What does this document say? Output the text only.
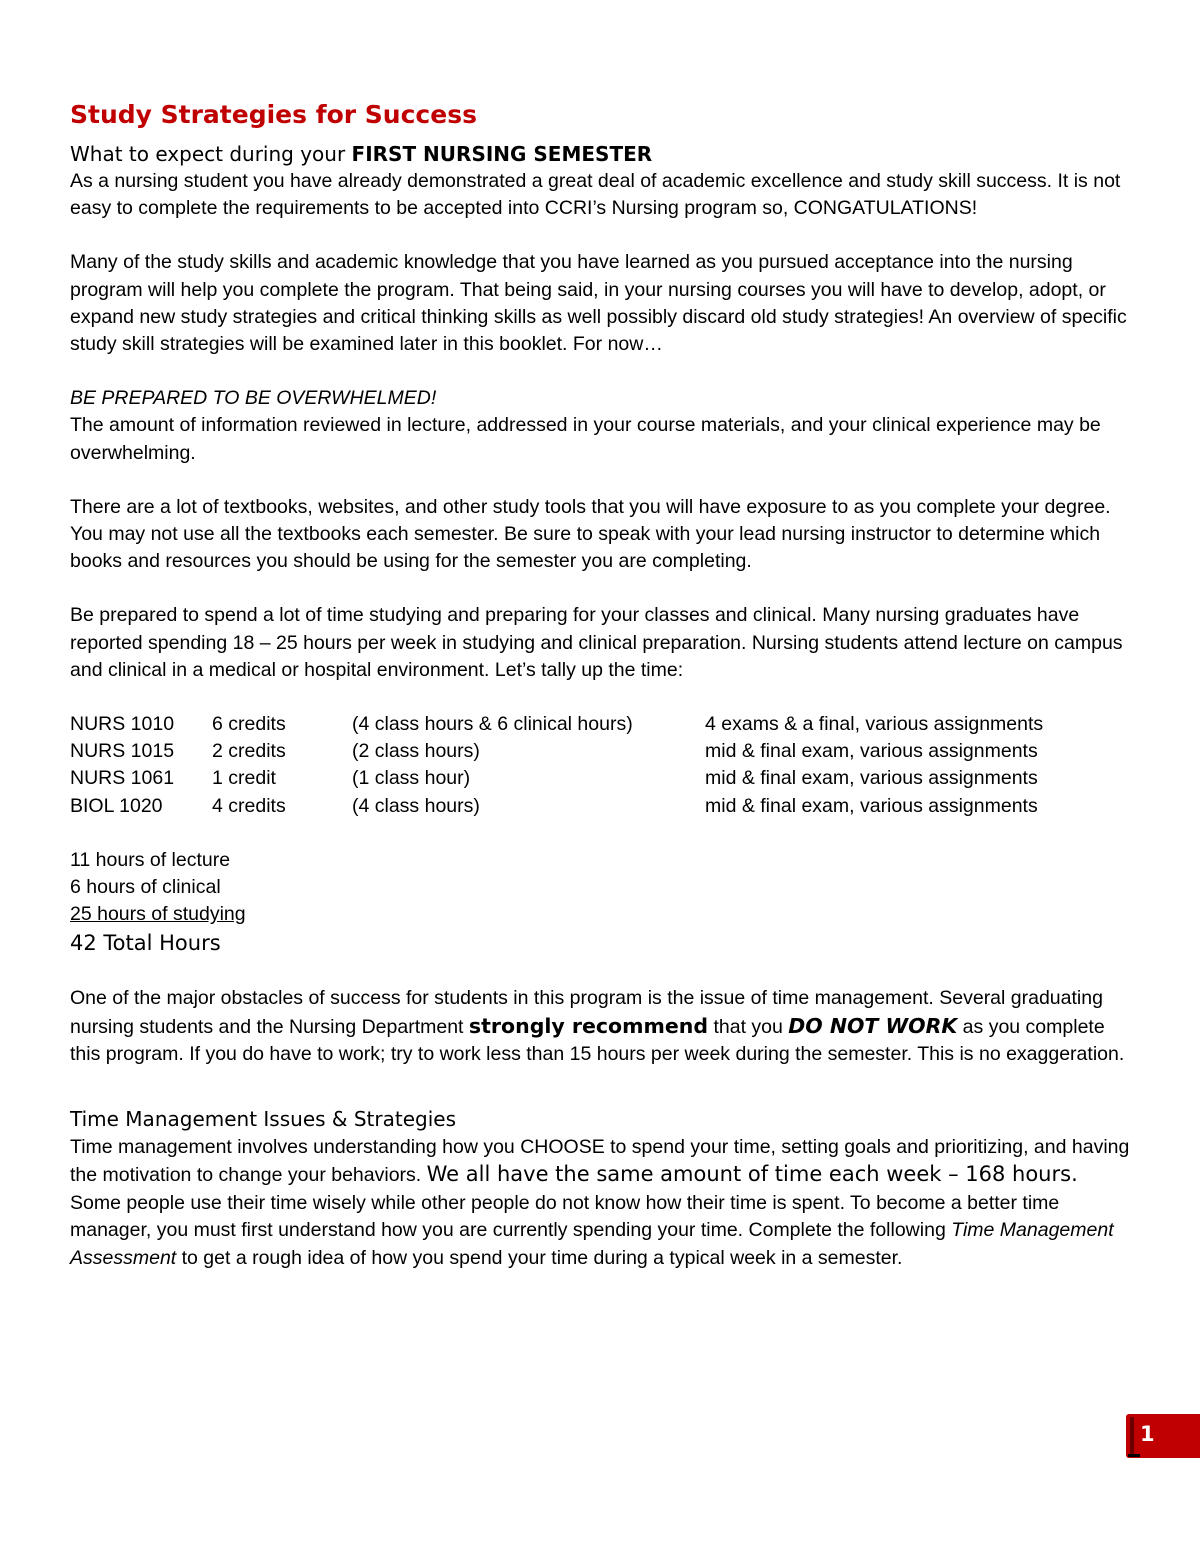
Study Strategies for Success
What to expect during your FIRST NURSING SEMESTER

As a nursing student you have already demonstrated a great deal of academic excellence and study skill success. It is not easy to complete the requirements to be accepted into CCRI’s Nursing program so, CONGATULATIONS!

Many of the study skills and academic knowledge that you have learned as you pursued acceptance into the nursing program will help you complete the program. That being said, in your nursing courses you will have to develop, adopt, or expand new study strategies and critical thinking skills as well possibly discard old study strategies! An overview of specific study skill strategies will be examined later in this booklet. For now…

BE PREPARED TO BE OVERWHELMED!

The amount of information reviewed in lecture, addressed in your course materials, and your clinical experience may be overwhelming.

There are a lot of textbooks, websites, and other study tools that you will have exposure to as you complete your degree. You may not use all the textbooks each semester. Be sure to speak with your lead nursing instructor to determine which books and resources you should be using for the semester you are completing.

Be prepared to spend a lot of time studying and preparing for your classes and clinical. Many nursing graduates have reported spending 18 – 25 hours per week in studying and clinical preparation. Nursing students attend lecture on campus and clinical in a medical or hospital environment. Let’s tally up the time:

NURS 1010	6 credits	(4 class hours & 6 clinical hours)	4 exams & a final, various assignments
NURS 1015	2 credits	(2 class hours)	mid & final exam, various assignments
NURS 1061	1 credit	(1 class hour)	mid & final exam, various assignments
BIOL 1020	4 credits	(4 class hours)	mid & final exam, various assignments

11 hours of lecture

6 hours of clinical

25 hours of studying

42 Total Hours

One of the major obstacles of success for students in this program is the issue of time management. Several graduating nursing students and the Nursing Department strongly recommend that you DO NOT WORK as you complete this program. If you do have to work; try to work less than 15 hours per week during the semester. This is no exaggeration.

Time Management Issues & Strategies

Time management involves understanding how you CHOOSE to spend your time, setting goals and prioritizing, and having the motivation to change your behaviors. We all have the same amount of time each week – 168 hours. Some people use their time wisely while other people do not know how their time is spent. To become a better time manager, you must first understand how you are currently spending your time. Complete the following Time Management Assessment to get a rough idea of how you spend your time during a typical week in a semester.

1
